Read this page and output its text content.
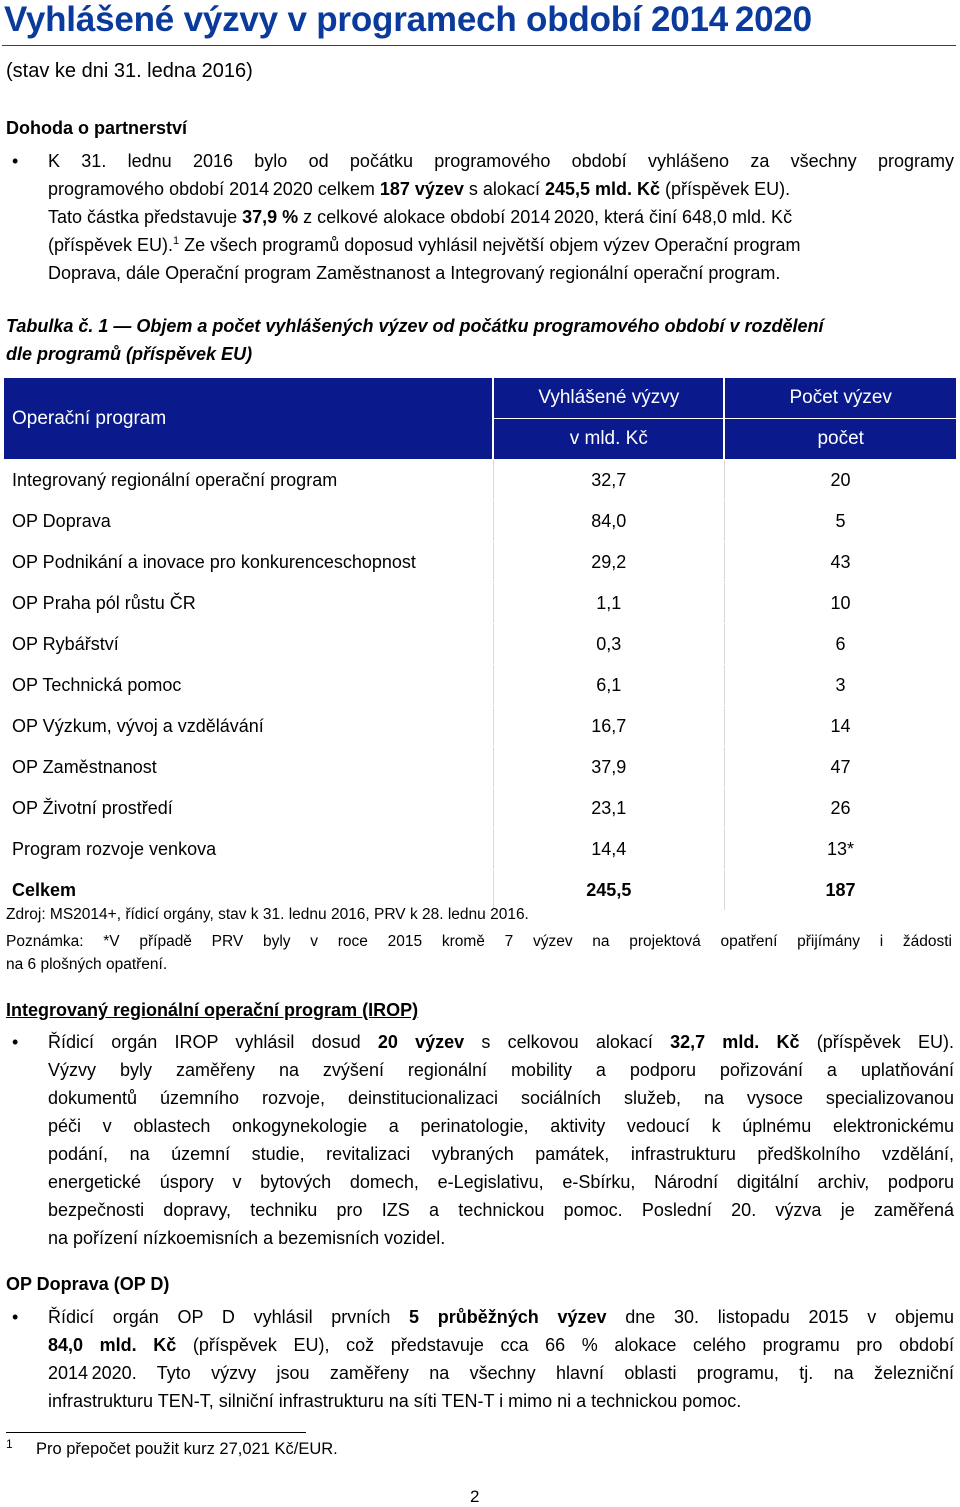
Vyhlášené výzvy v programech období 2014 2020
(stav ke dni 31. ledna 2016)
Dohoda o partnerství
• K 31. lednu 2016 bylo od počátku programového období vyhlášeno za všechny programy
programového období 2014 2020 celkem 187 výzev s alokací 245,5 mld. Kč (příspěvek EU).
Tato částka představuje 37,9 % z celkové alokace období 2014 2020, která činí 648,0 mld. Kč
(příspěvek EU).$^1$ Ze všech programů doposud vyhlásil největší objem výzev Operační program
Doprava, dále Operační program Zaměstnanost a Integrovaný regionální operační program.
Tabulka č. 1 — Objem a počet vyhlášených výzev od počátku programového období v rozdělení
dle programů (příspěvek EU)
Operační program	Vyhlášené výzvy	Počet výzev
	v mld. Kč	počet
Integrovaný regionální operační program	32,7	20
OP Doprava	84,0	5
OP Podnikání a inovace pro konkurenceschopnost	29,2	43
OP Praha pól růstu ČR	1,1	10
OP Rybářství	0,3	6
OP Technická pomoc	6,1	3
OP Výzkum, vývoj a vzdělávání	16,7	14
OP Zaměstnanost	37,9	47
OP Životní prostředí	23,1	26
Program rozvoje venkova	14,4	13*
Celkem	245,5	187
Zdroj: MS2014+, řídicí orgány, stav k 31. lednu 2016, PRV k 28. lednu 2016.
Poznámka: *V případě PRV byly v roce 2015 kromě 7 výzev na projektová opatření přijímány i žádosti
na 6 plošných opatření.
Integrovaný regionální operační program (IROP)
• Řídicí orgán IROP vyhlásil dosud 20 výzev s celkovou alokací 32,7 mld. Kč (příspěvek EU).
Výzvy byly zaměřeny na zvýšení regionální mobility a podporu pořizování a uplatňování
dokumentů územního rozvoje, deinstitucionalizaci sociálních služeb, na vysoce specializovanou
péči v oblastech onkogynekologie a perinatologie, aktivity vedoucí k úplnému elektronickému
podání, na územní studie, revitalizaci vybraných památek, infrastrukturu předškolního vzdělání,
energetické úspory v bytových domech, e-Legislativu, e-Sbírku, Národní digitální archiv, podporu
bezpečnosti dopravy, techniku pro IZS a technickou pomoc. Poslední 20. výzva je zaměřená
na pořízení nízkoemisních a bezemisních vozidel.
OP Doprava (OP D)
• Řídicí orgán OP D vyhlásil prvních 5 průběžných výzev dne 30. listopadu 2015 v objemu
84,0 mld. Kč (příspěvek EU), což představuje cca 66 % alokace celého programu pro období
2014 2020. Tyto výzvy jsou zaměřeny na všechny hlavní oblasti programu, tj. na železniční
infrastrukturu TEN-T, silniční infrastrukturu na síti TEN-T i mimo ni a technickou pomoc.
1 Pro přepočet použit kurz 27,021 Kč/EUR.
2
